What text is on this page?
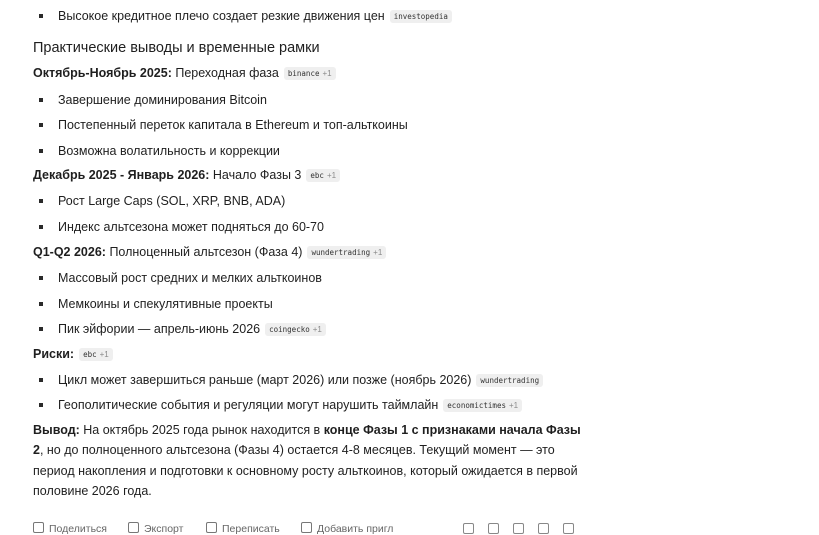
Высокое кредитное плечо создает резкие движения цен investopedia
Практические выводы и временные рамки
Октябрь-Ноябрь 2025: Переходная фаза binance +1
Завершение доминирования Bitcoin
Постепенный переток капитала в Ethereum и топ-альткоины
Возможна волатильность и коррекции
Декабрь 2025 - Январь 2026: Начало Фазы 3 ebc +1
Рост Large Caps (SOL, XRP, BNB, ADA)
Индекс альтсезона может подняться до 60-70
Q1-Q2 2026: Полноценный альтсезон (Фаза 4) wundertrading +1
Массовый рост средних и мелких альткоинов
Мемкоины и спекулятивные проекты
Пик эйфории — апрель-июнь 2026 coingecko +1
Риски: ebc +1
Цикл может завершиться раньше (март 2026) или позже (ноябрь 2026) wundertrading
Геополитические события и регуляции могут нарушить таймлайн economictimes +1
Вывод: На октябрь 2025 года рынок находится в конце Фазы 1 с признаками начала Фазы 2, но до полноценного альтсезона (Фазы 4) остается 4-8 месяцев. Текущий момент — это период накопления и подготовки к основному росту альткоинов, который ожидается в первой половине 2026 года.
Поделиться	Экспорт	Переписать	Добавить пригл
